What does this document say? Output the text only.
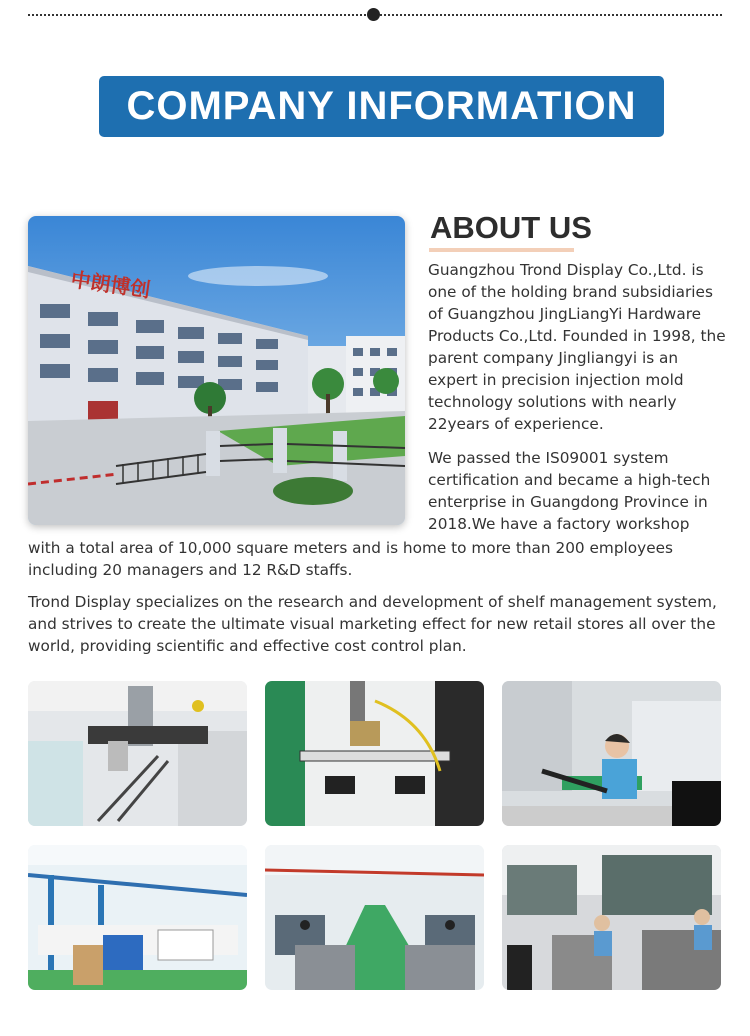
COMPANY INFORMATION
中朗博创
ABOUT US

Guangzhou Trond Display Co.,Ltd. is one of the holding brand subsidiaries of Guangzhou JingLiangYi Hardware Products Co.,Ltd. Founded in 1998, the parent company Jingliangyi is an expert in precision injection mold technology solutions with nearly 22years of experience.

We passed the IS09001 system certification and became a high-tech enterprise in Guangdong Province in 2018.We have a factory workshop

with a total area of 10,000 square meters and is home to more than 200 employees including 20 managers and 12 R&D staffs.

Trond Display specializes on the research and development of shelf management system, and strives to create the ultimate visual marketing effect for new retail stores all over the world, providing scientific and effective cost control plan.
